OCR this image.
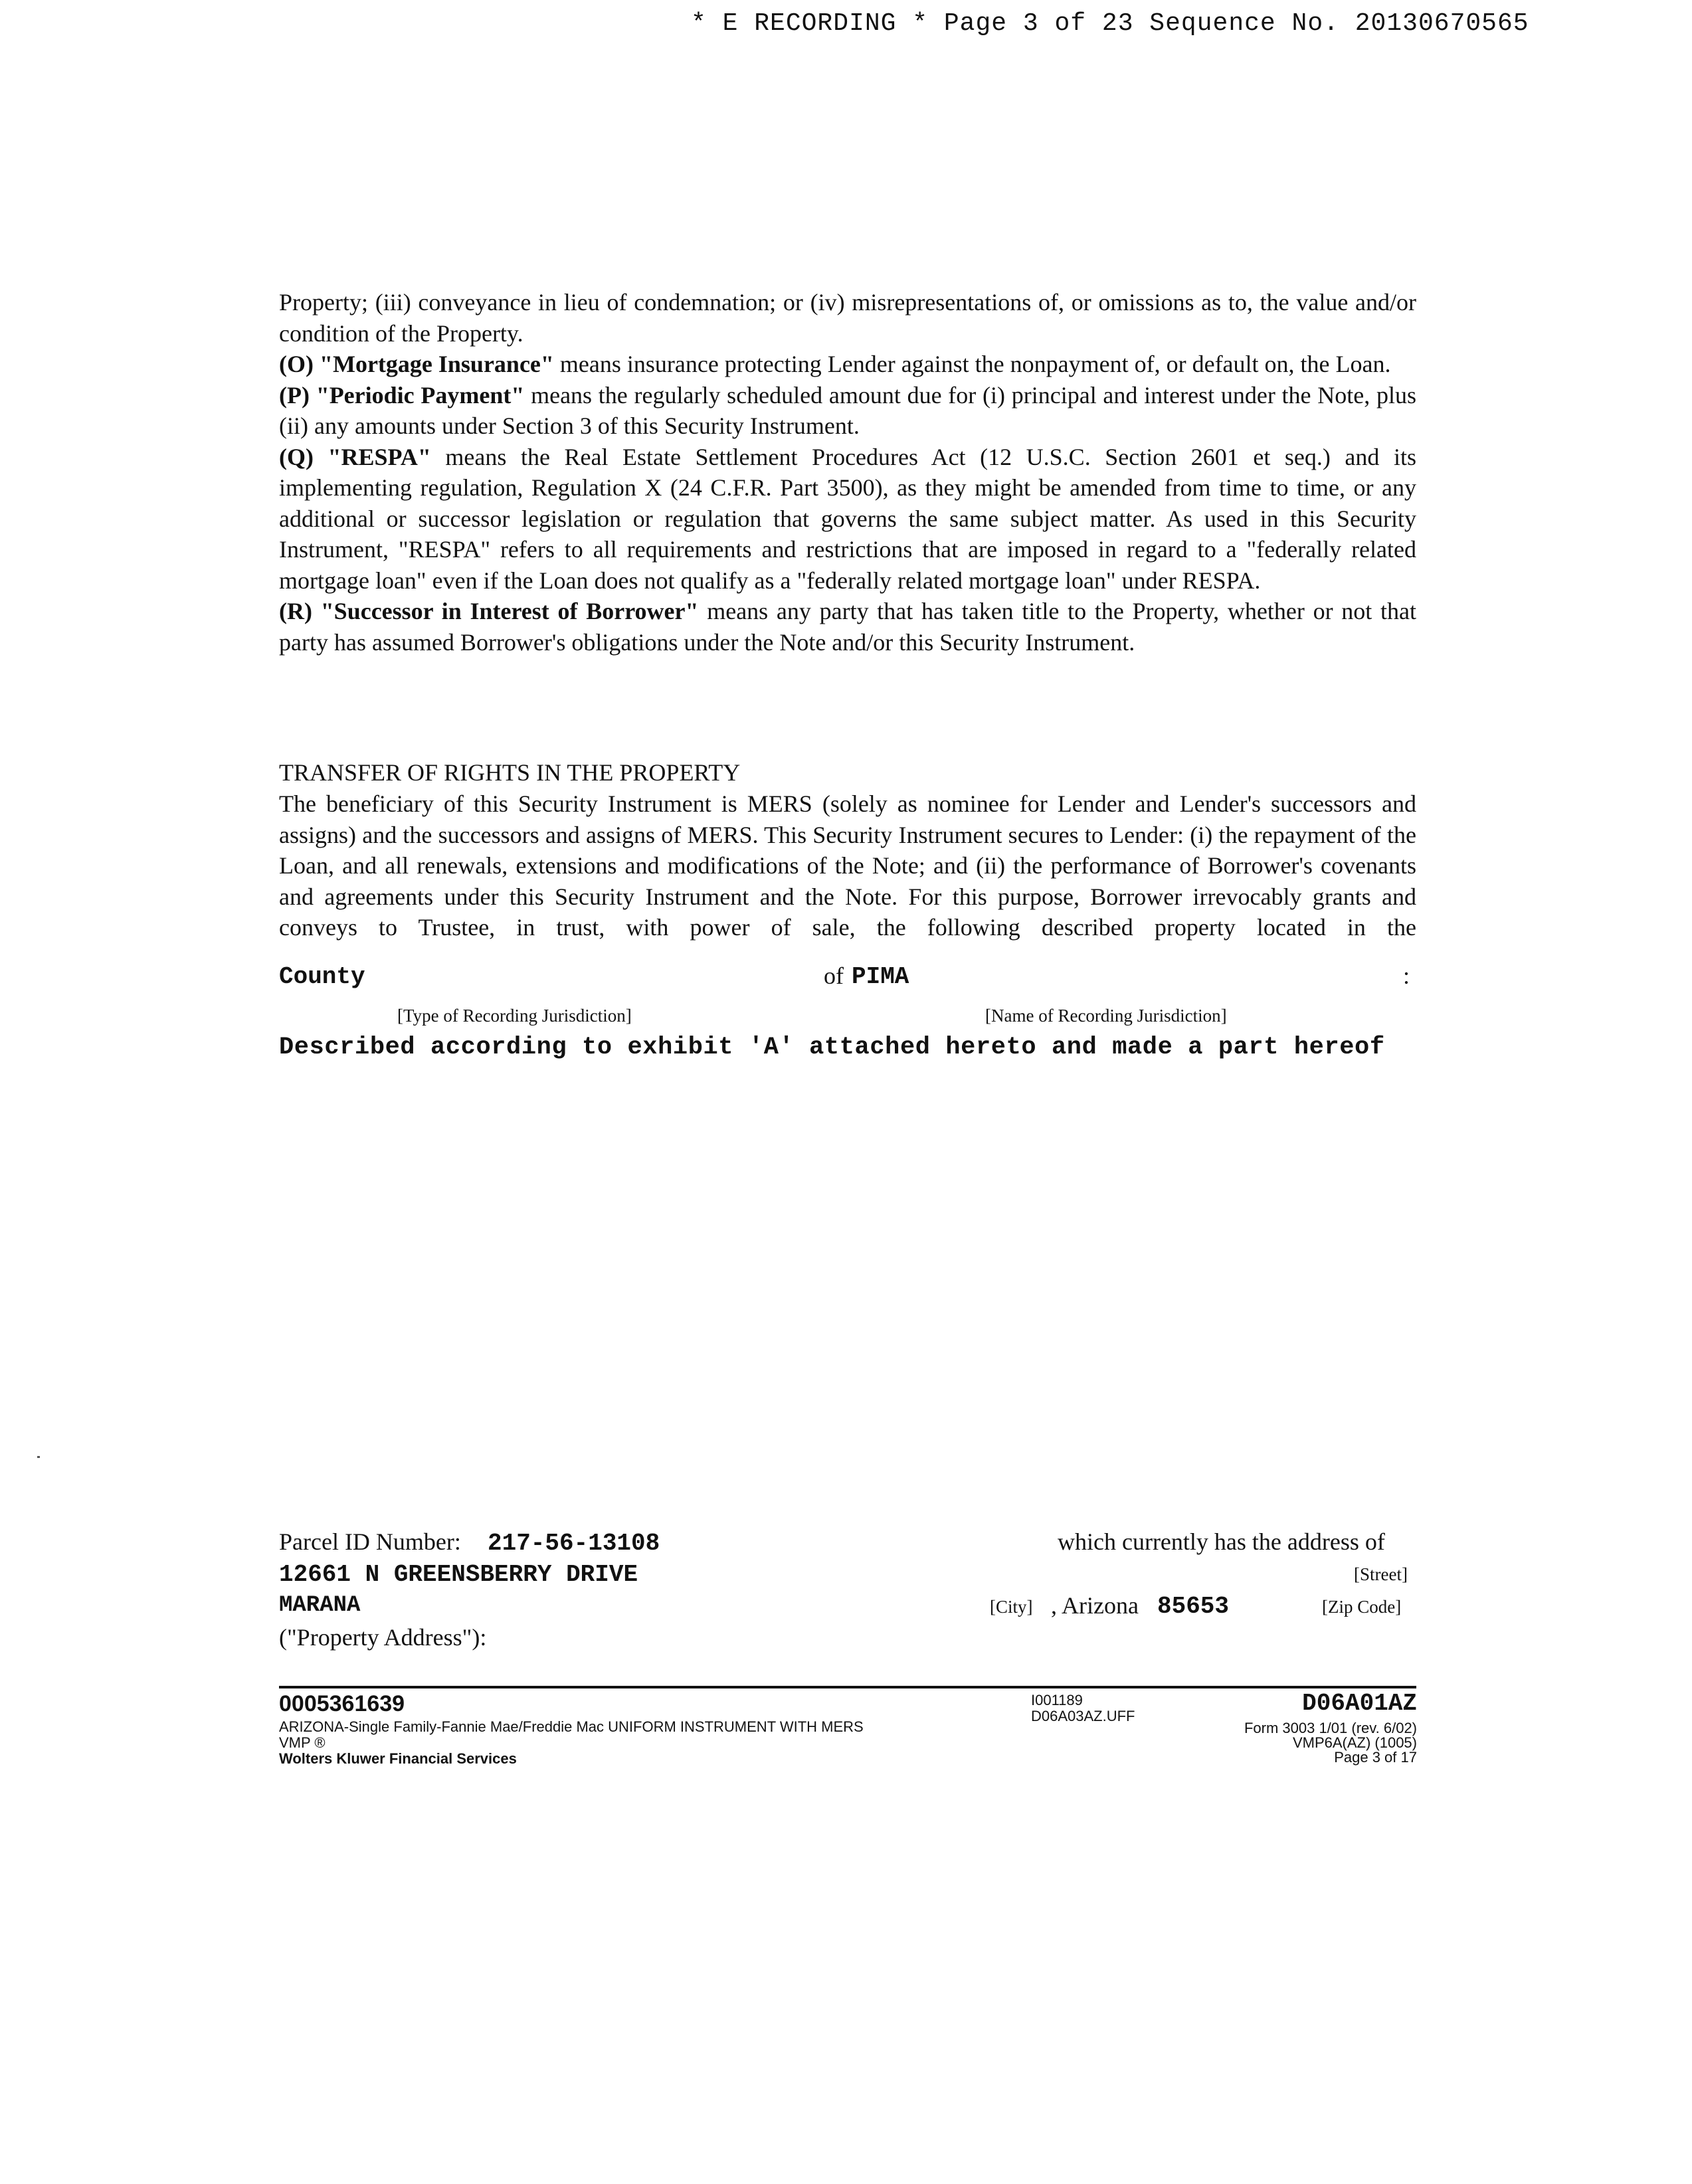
* E RECORDING * Page 3 of 23 Sequence No. 20130670565

Property; (iii) conveyance in lieu of condemnation; or (iv) misrepresentations of, or omissions as to, the value and/or condition of the Property.

(O) "Mortgage Insurance" means insurance protecting Lender against the nonpayment of, or default on, the Loan.

(P) "Periodic Payment" means the regularly scheduled amount due for (i) principal and interest under the Note, plus (ii) any amounts under Section 3 of this Security Instrument.

(Q) "RESPA" means the Real Estate Settlement Procedures Act (12 U.S.C. Section 2601 et seq.) and its implementing regulation, Regulation X (24 C.F.R. Part 3500), as they might be amended from time to time, or any additional or successor legislation or regulation that governs the same subject matter. As used in this Security Instrument, "RESPA" refers to all requirements and restrictions that are imposed in regard to a "federally related mortgage loan" even if the Loan does not qualify as a "federally related mortgage loan" under RESPA.

(R) "Successor in Interest of Borrower" means any party that has taken title to the Property, whether or not that party has assumed Borrower's obligations under the Note and/or this Security Instrument.

TRANSFER OF RIGHTS IN THE PROPERTY
The beneficiary of this Security Instrument is MERS (solely as nominee for Lender and Lender's successors and assigns) and the successors and assigns of MERS. This Security Instrument secures to Lender: (i) the repayment of the Loan, and all renewals, extensions and modifications of the Note; and (ii) the performance of Borrower's covenants and agreements under this Security Instrument and the Note. For this purpose, Borrower irrevocably grants and conveys to Trustee, in trust, with power of sale, the following described property located in the
County	of PIMA	:
[Type of Recording Jurisdiction]	[Name of Recording Jurisdiction]
Described according to exhibit 'A' attached hereto and made a part hereof
Parcel ID Number: 217-56-13108	which currently has the address of
12661 N GREENSBERRY DRIVE	[Street]
MARANA	[City] , Arizona 85653	[Zip Code]
("Property Address"):
0005361639
ARIZONA-Single Family-Fannie Mae/Freddie Mac UNIFORM INSTRUMENT WITH MERS
VMP ®
Wolters Kluwer Financial Services
I001189
D06A03AZ.UFF	D06A01AZ
Form 3003 1/01 (rev. 6/02)
VMP6A(AZ) (1005)
Page 3 of 17
